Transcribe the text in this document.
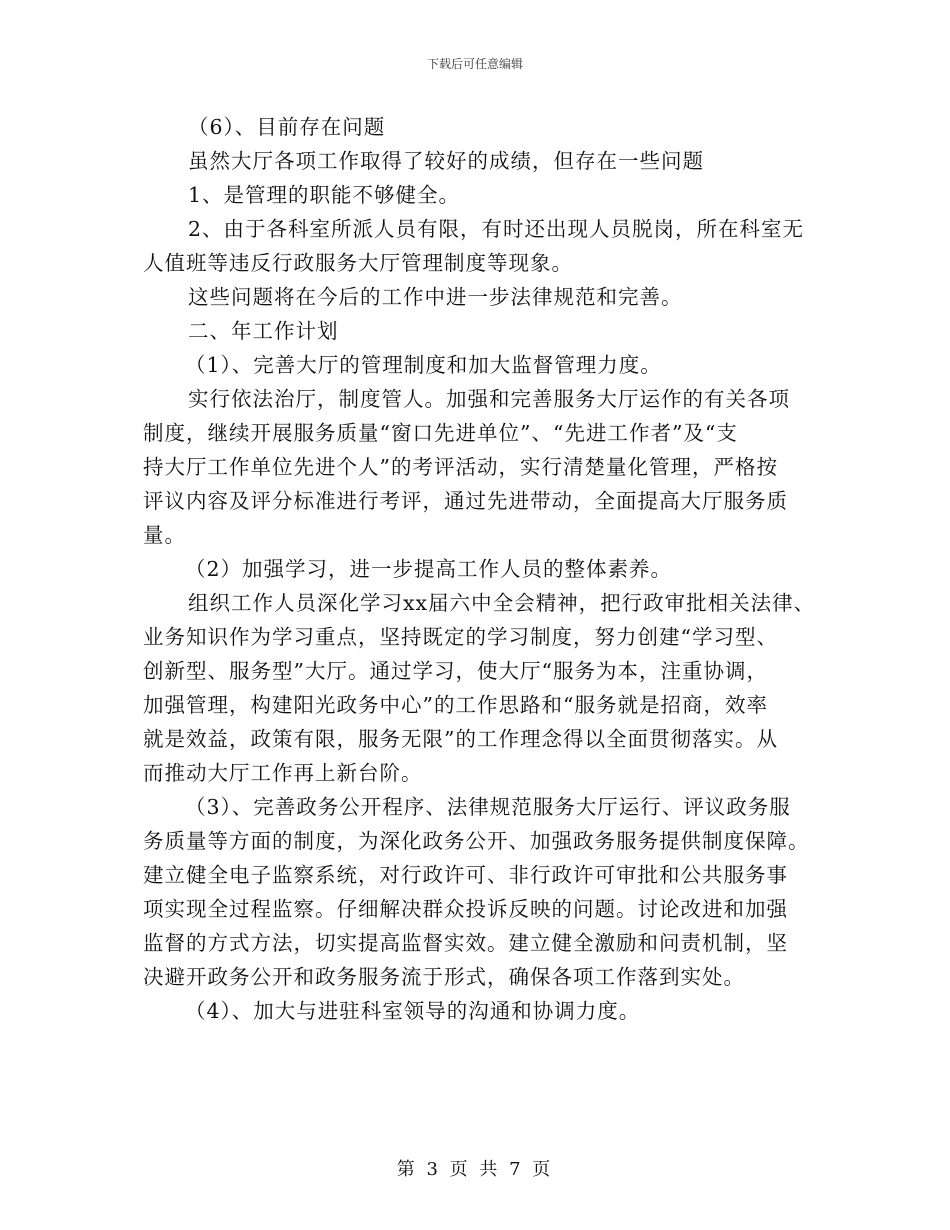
下载后可任意编辑
（6）、目前存在问题
虽然大厅各项工作取得了较好的成绩，但存在一些问题
1、是管理的职能不够健全。
2、由于各科室所派人员有限，有时还出现人员脱岗，所在科室无
人值班等违反行政服务大厅管理制度等现象。
这些问题将在今后的工作中进一步法律规范和完善。
二、年工作计划
（1）、完善大厅的管理制度和加大监督管理力度。
实行依法治厅，制度管人。加强和完善服务大厅运作的有关各项
制度，继续开展服务质量“窗口先进单位”、“先进工作者”及“支
持大厅工作单位先进个人”的考评活动，实行清楚量化管理，严格按
评议内容及评分标准进行考评，通过先进带动，全面提高大厅服务质
量。
（2）加强学习，进一步提高工作人员的整体素养。
组织工作人员深化学习xx届六中全会精神，把行政审批相关法律、
业务知识作为学习重点，坚持既定的学习制度，努力创建“学习型、
创新型、服务型”大厅。通过学习，使大厅“服务为本，注重协调，
加强管理，构建阳光政务中心”的工作思路和“服务就是招商，效率
就是效益，政策有限，服务无限”的工作理念得以全面贯彻落实。从
而推动大厅工作再上新台阶。
（3）、完善政务公开程序、法律规范服务大厅运行、评议政务服
务质量等方面的制度，为深化政务公开、加强政务服务提供制度保障。
建立健全电子监察系统，对行政许可、非行政许可审批和公共服务事
项实现全过程监察。仔细解决群众投诉反映的问题。讨论改进和加强
监督的方式方法，切实提高监督实效。建立健全激励和问责机制，坚
决避开政务公开和政务服务流于形式，确保各项工作落到实处。
（4）、加大与进驻科室领导的沟通和协调力度。
第 3 页 共 7 页
